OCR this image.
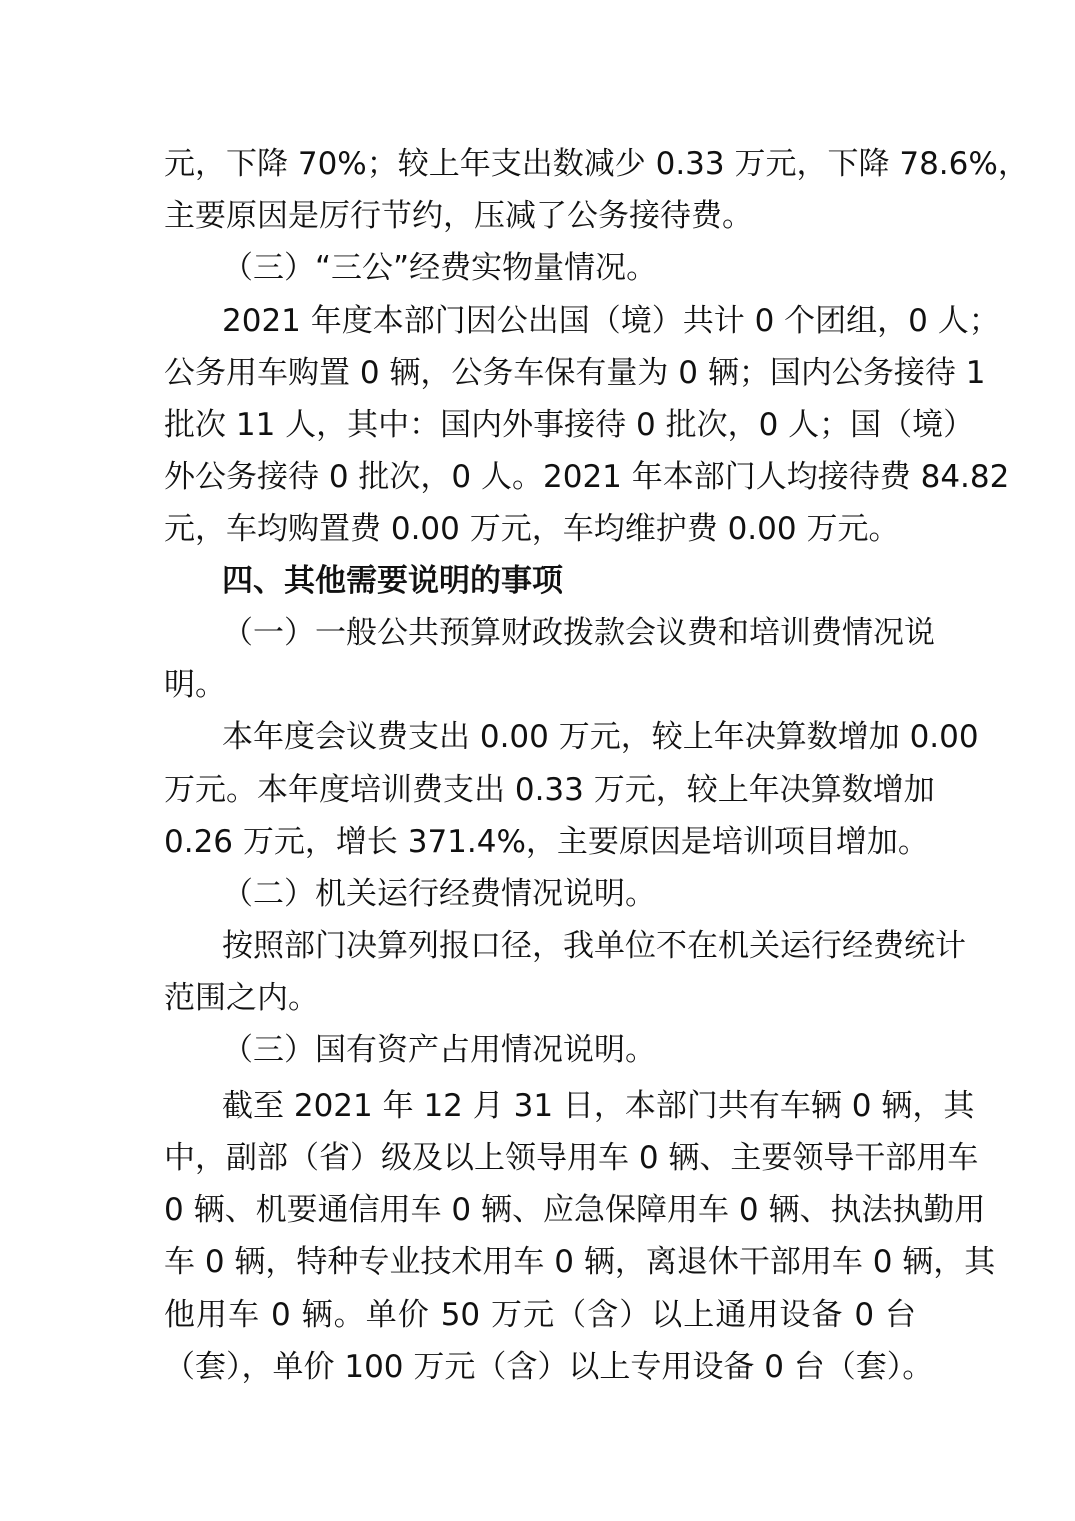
元，下降 70%；较上年支出数减少 0.33 万元，下降 78.6%，
主要原因是厉行节约，压减了公务接待费。
（三）“三公”经费实物量情况。
2021 年度本部门因公出国（境）共计 0 个团组，0 人；
公务用车购置 0 辆，公务车保有量为 0 辆；国内公务接待 1
批次 11 人，其中：国内外事接待 0 批次，0 人；国（境）
外公务接待 0 批次，0 人。2021 年本部门人均接待费 84.82
元，车均购置费 0.00 万元，车均维护费 0.00 万元。
四、其他需要说明的事项
（一）一般公共预算财政拨款会议费和培训费情况说
明。
本年度会议费支出 0.00 万元，较上年决算数增加 0.00
万元。本年度培训费支出 0.33 万元，较上年决算数增加
0.26 万元，增长 371.4%，主要原因是培训项目增加。
（二）机关运行经费情况说明。
按照部门决算列报口径，我单位不在机关运行经费统计
范围之内。
（三）国有资产占用情况说明。
截至 2021 年 12 月 31 日，本部门共有车辆 0 辆，其
中，副部（省）级及以上领导用车 0 辆、主要领导干部用车
0 辆、机要通信用车 0 辆、应急保障用车 0 辆、执法执勤用
车 0 辆，特种专业技术用车 0 辆，离退休干部用车 0 辆，其
他用车 0 辆。单价 50 万元（含）以上通用设备 0 台
（套），单价 100 万元（含）以上专用设备 0 台（套）。
